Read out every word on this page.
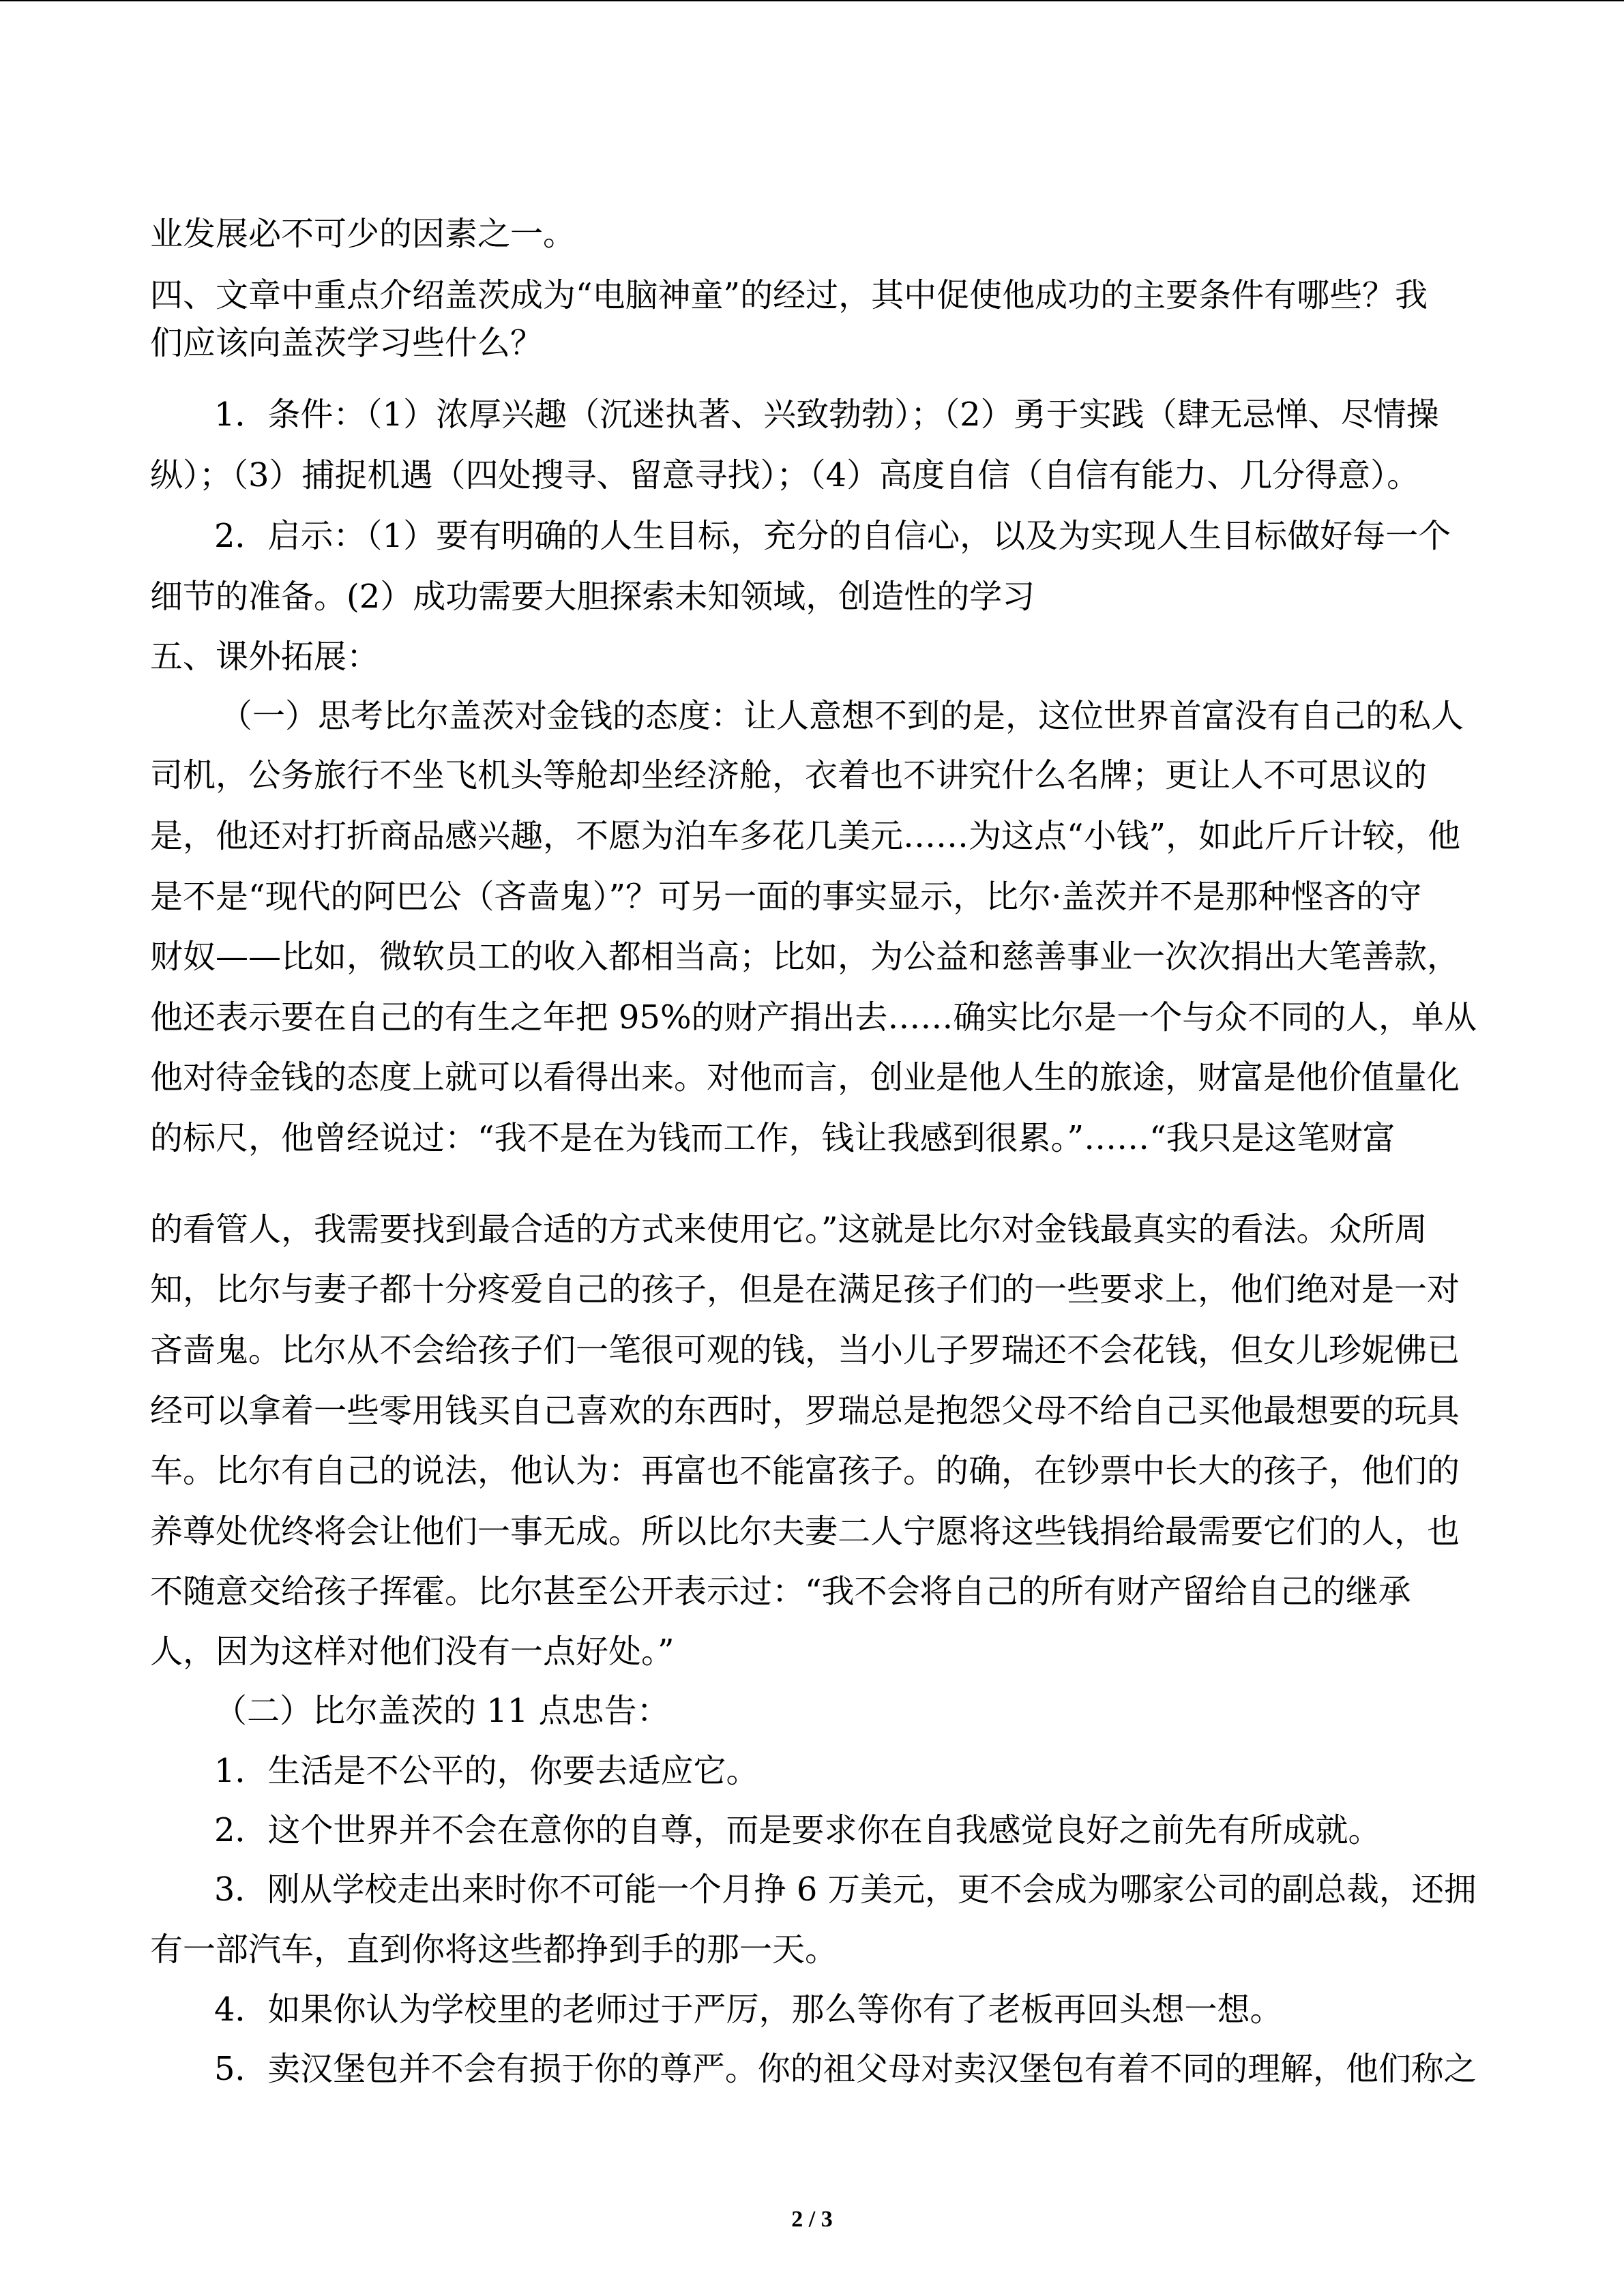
业发展必不可少的因素之一。
四、文章中重点介绍盖茨成为“电脑神童”的经过，其中促使他成功的主要条件有哪些？我
们应该向盖茨学习些什么？
1．条件：（1）浓厚兴趣（沉迷执著、兴致勃勃）；（2）勇于实践（肆无忌惮、尽情操
纵）；（3）捕捉机遇（四处搜寻、留意寻找）；（4）高度自信（自信有能力、几分得意）。
2．启示：（1）要有明确的人生目标，充分的自信心，以及为实现人生目标做好每一个
细节的准备。(2）成功需要大胆探索未知领域，创造性的学习
五、课外拓展：
（一）思考比尔盖茨对金钱的态度：让人意想不到的是，这位世界首富没有自己的私人
司机，公务旅行不坐飞机头等舱却坐经济舱，衣着也不讲究什么名牌；更让人不可思议的
是，他还对打折商品感兴趣，不愿为泊车多花几美元……为这点“小钱”，如此斤斤计较，他
是不是“现代的阿巴公（吝啬鬼）”？可另一面的事实显示，比尔·盖茨并不是那种悭吝的守
财奴——比如，微软员工的收入都相当高；比如，为公益和慈善事业一次次捐出大笔善款，
他还表示要在自己的有生之年把 95%的财产捐出去……确实比尔是一个与众不同的人，单从
他对待金钱的态度上就可以看得出来。对他而言，创业是他人生的旅途，财富是他价值量化
的标尺，他曾经说过：“我不是在为钱而工作，钱让我感到很累。”……“我只是这笔财富
的看管人，我需要找到最合适的方式来使用它。”这就是比尔对金钱最真实的看法。众所周
知，比尔与妻子都十分疼爱自己的孩子，但是在满足孩子们的一些要求上，他们绝对是一对
吝啬鬼。比尔从不会给孩子们一笔很可观的钱，当小儿子罗瑞还不会花钱，但女儿珍妮佛已
经可以拿着一些零用钱买自己喜欢的东西时，罗瑞总是抱怨父母不给自己买他最想要的玩具
车。比尔有自己的说法，他认为：再富也不能富孩子。的确，在钞票中长大的孩子，他们的
养尊处优终将会让他们一事无成。所以比尔夫妻二人宁愿将这些钱捐给最需要它们的人，也
不随意交给孩子挥霍。比尔甚至公开表示过：“我不会将自己的所有财产留给自己的继承
人，因为这样对他们没有一点好处。”
（二）比尔盖茨的 11 点忠告：
1．生活是不公平的，你要去适应它。
2．这个世界并不会在意你的自尊，而是要求你在自我感觉良好之前先有所成就。
3．刚从学校走出来时你不可能一个月挣 6 万美元，更不会成为哪家公司的副总裁，还拥
有一部汽车，直到你将这些都挣到手的那一天。
4．如果你认为学校里的老师过于严厉，那么等你有了老板再回头想一想。
5．卖汉堡包并不会有损于你的尊严。你的祖父母对卖汉堡包有着不同的理解，他们称之
2 / 3
